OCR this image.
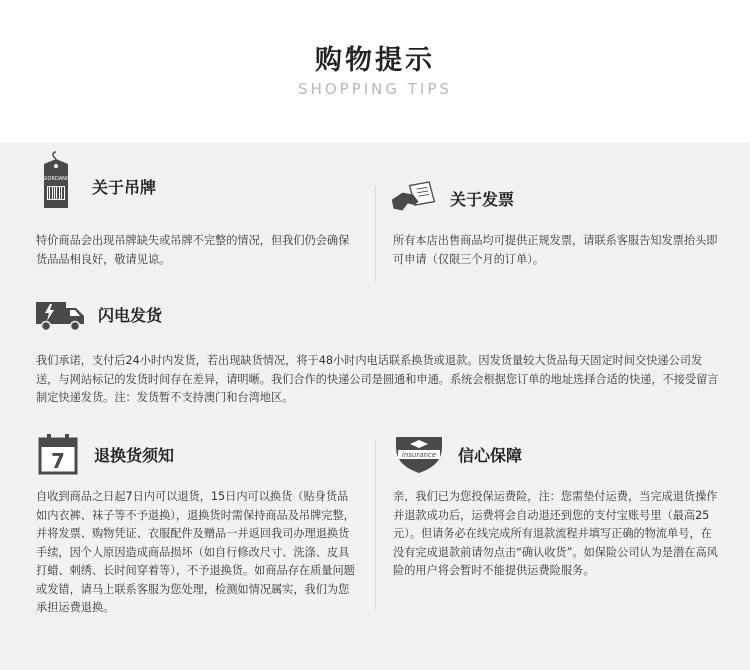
购物提示
SHOPPING TIPS
GIORDANO 关于吊牌
特价商品会出现吊牌缺失或吊牌不完整的情况，但我们仍会确保货品品相良好，敬请见谅。
关于发票
所有本店出售商品均可提供正规发票，请联系客服告知发票抬头即可申请（仅限三个月的订单）。
闪电发货
我们承诺，支付后24小时内发货，若出现缺货情况，将于48小时内电话联系换货或退款。因发货量较大货品每天固定时间交快递公司发送，与网站标记的发货时间存在差异，请明晰。我们合作的快递公司是圆通和申通。系统会根据您订单的地址选择合适的快递，不接受留言制定快递发货。注：发货暂不支持澳门和台湾地区。
7 退换货须知
自收到商品之日起7日内可以退货，15日内可以换货（贴身货品如内衣裤、袜子等不予退换），退换货时需保持商品及吊牌完整，并将发票、购物凭证、衣服配件及赠品一并返回我司办理退换货手续，因个人原因造成商品损坏（如自行修改尺寸、洗涤、皮具打蜡、刺绣、长时间穿着等），不予退换货。如商品存在质量问题或发错，请马上联系客服为您处理，检测如情况属实，我们为您承担运费退换。
insurance 信心保障
亲，我们已为您投保运费险，注：您需垫付运费，当完成退货操作并退款成功后，运费将会自动退还到您的支付宝账号里（最高25元）。但请务必在线完成所有退款流程并填写正确的物流单号，在没有完成退款前请勿点击“确认收货”。如保险公司认为是潜在高风险的用户将会暂时不能提供运费险服务。
